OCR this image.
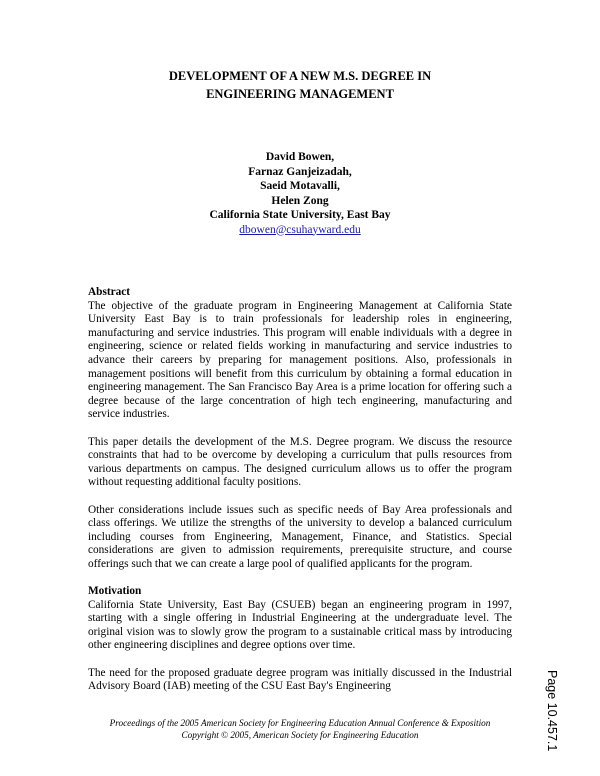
DEVELOPMENT OF A NEW M.S. DEGREE IN
ENGINEERING MANAGEMENT
David Bowen,
Farnaz Ganjeizadah,
Saeid Motavalli,
Helen Zong
California State University, East Bay
dbowen@csuhayward.edu
Abstract

The objective of the graduate program in Engineering Management at California State University East Bay is to train professionals for leadership roles in engineering, manufacturing and service industries. This program will enable individuals with a degree in engineering, science or related fields working in manufacturing and service industries to advance their careers by preparing for management positions. Also, professionals in management positions will benefit from this curriculum by obtaining a formal education in engineering management. The San Francisco Bay Area is a prime location for offering such a degree because of the large concentration of high tech engineering, manufacturing and service industries.

This paper details the development of the M.S. Degree program. We discuss the resource constraints that had to be overcome by developing a curriculum that pulls resources from various departments on campus. The designed curriculum allows us to offer the program without requesting additional faculty positions.

Other considerations include issues such as specific needs of Bay Area professionals and class offerings. We utilize the strengths of the university to develop a balanced curriculum including courses from Engineering, Management, Finance, and Statistics. Special considerations are given to admission requirements, prerequisite structure, and course offerings such that we can create a large pool of qualified applicants for the program.

Motivation

California State University, East Bay (CSUEB) began an engineering program in 1997, starting with a single offering in Industrial Engineering at the undergraduate level. The original vision was to slowly grow the program to a sustainable critical mass by introducing other engineering disciplines and degree options over time.

The need for the proposed graduate degree program was initially discussed in the Industrial Advisory Board (IAB) meeting of the CSU East Bay's Engineering

Proceedings of the 2005 American Society for Engineering Education Annual Conference & Exposition
Copyright © 2005, American Society for Engineering Education	Page 10.457.1
